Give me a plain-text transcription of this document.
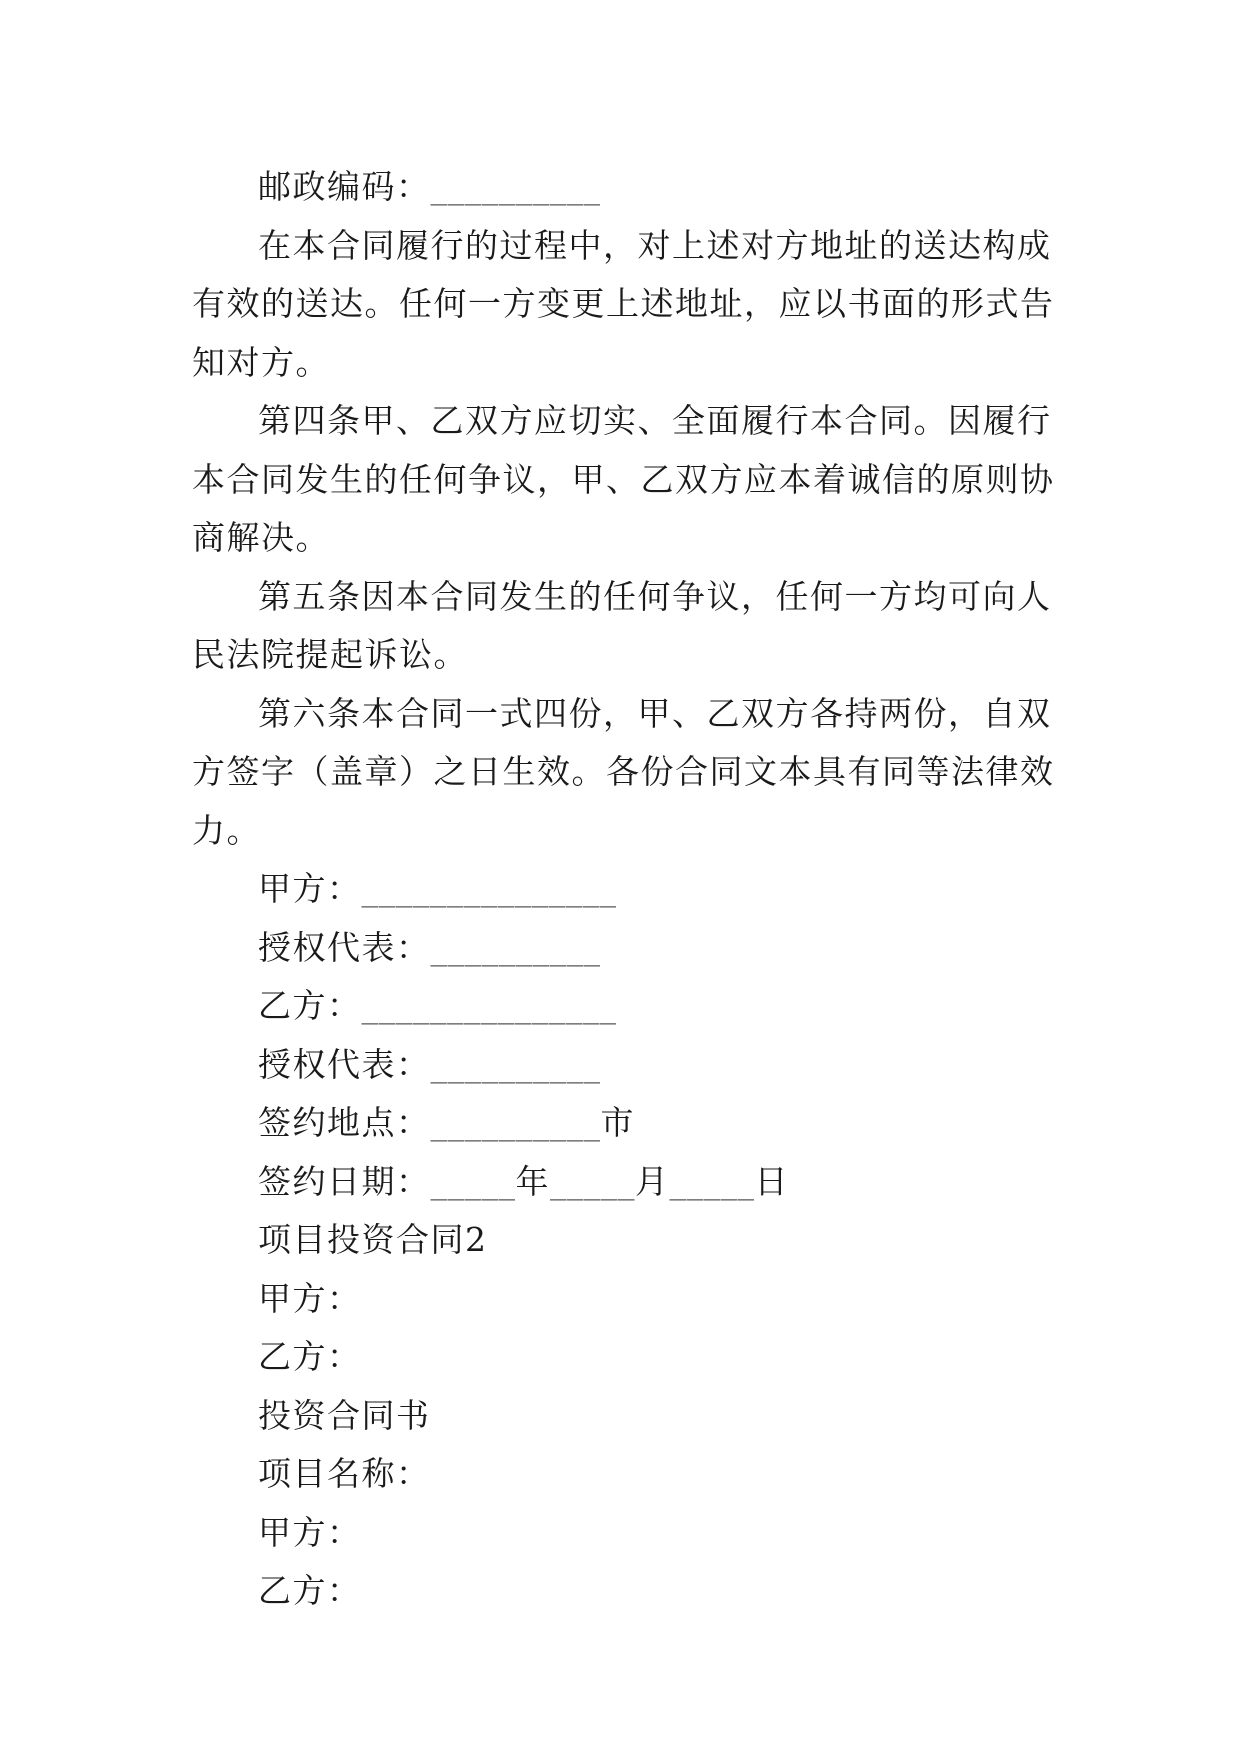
邮政编码：__________

在本合同履行的过程中，对上述对方地址的送达构成有效的送达。任何一方变更上述地址，应以书面的形式告知对方。

第四条甲、乙双方应切实、全面履行本合同。因履行本合同发生的任何争议，甲、乙双方应本着诚信的原则协商解决。

第五条因本合同发生的任何争议，任何一方均可向人民法院提起诉讼。

第六条本合同一式四份，甲、乙双方各持两份，自双方签字（盖章）之日生效。各份合同文本具有同等法律效力。

甲方：_______________

授权代表：__________

乙方：_______________

授权代表：__________

签约地点：__________市

签约日期：_____年_____月_____日

项目投资合同2

甲方：

乙方：

投资合同书

项目名称：

甲方：

乙方：
